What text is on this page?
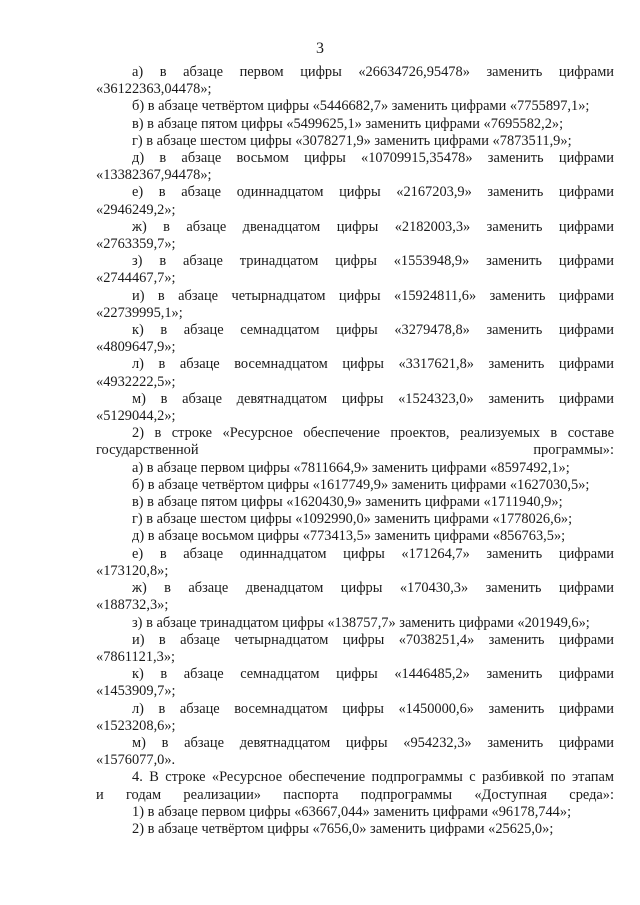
3

а) в абзаце первом цифры «26634726,95478» заменить цифрами
«36122363,04478»;

б) в абзаце четвёртом цифры «5446682,7» заменить цифрами «7755897,1»;

в) в абзаце пятом цифры «5499625,1» заменить цифрами «7695582,2»;

г) в абзаце шестом цифры «3078271,9» заменить цифрами «7873511,9»;

д) в абзаце восьмом цифры «10709915,35478» заменить цифрами
«13382367,94478»;

е) в абзаце одиннадцатом цифры «2167203,9» заменить цифрами
«2946249,2»;

ж) в абзаце двенадцатом цифры «2182003,3» заменить цифрами
«2763359,7»;

з) в абзаце тринадцатом цифры «1553948,9» заменить цифрами
«2744467,7»;

и) в абзаце четырнадцатом цифры «15924811,6» заменить цифрами
«22739995,1»;

к) в абзаце семнадцатом цифры «3279478,8» заменить цифрами
«4809647,9»;

л) в абзаце восемнадцатом цифры «3317621,8» заменить цифрами
«4932222,5»;

м) в абзаце девятнадцатом цифры «1524323,0» заменить цифрами
«5129044,2»;

2) в строке «Ресурсное обеспечение проектов, реализуемых в составе
государственной программы»:

а) в абзаце первом цифры «7811664,9» заменить цифрами «8597492,1»;

б) в абзаце четвёртом цифры «1617749,9» заменить цифрами «1627030,5»;

в) в абзаце пятом цифры «1620430,9» заменить цифрами «1711940,9»;

г) в абзаце шестом цифры «1092990,0» заменить цифрами «1778026,6»;

д) в абзаце восьмом цифры «773413,5» заменить цифрами «856763,5»;

е) в абзаце одиннадцатом цифры «171264,7» заменить цифрами
«173120,8»;

ж) в абзаце двенадцатом цифры «170430,3» заменить цифрами
«188732,3»;

з) в абзаце тринадцатом цифры «138757,7» заменить цифрами «201949,6»;

и) в абзаце четырнадцатом цифры «7038251,4» заменить цифрами
«7861121,3»;

к) в абзаце семнадцатом цифры «1446485,2» заменить цифрами
«1453909,7»;

л) в абзаце восемнадцатом цифры «1450000,6» заменить цифрами
«1523208,6»;

м) в абзаце девятнадцатом цифры «954232,3» заменить цифрами
«1576077,0».

4. В строке «Ресурсное обеспечение подпрограммы с разбивкой по этапам
и годам реализации» паспорта подпрограммы «Доступная среда»:

1) в абзаце первом цифры «63667,044» заменить цифрами «96178,744»;

2) в абзаце четвёртом цифры «7656,0» заменить цифрами «25625,0»;
